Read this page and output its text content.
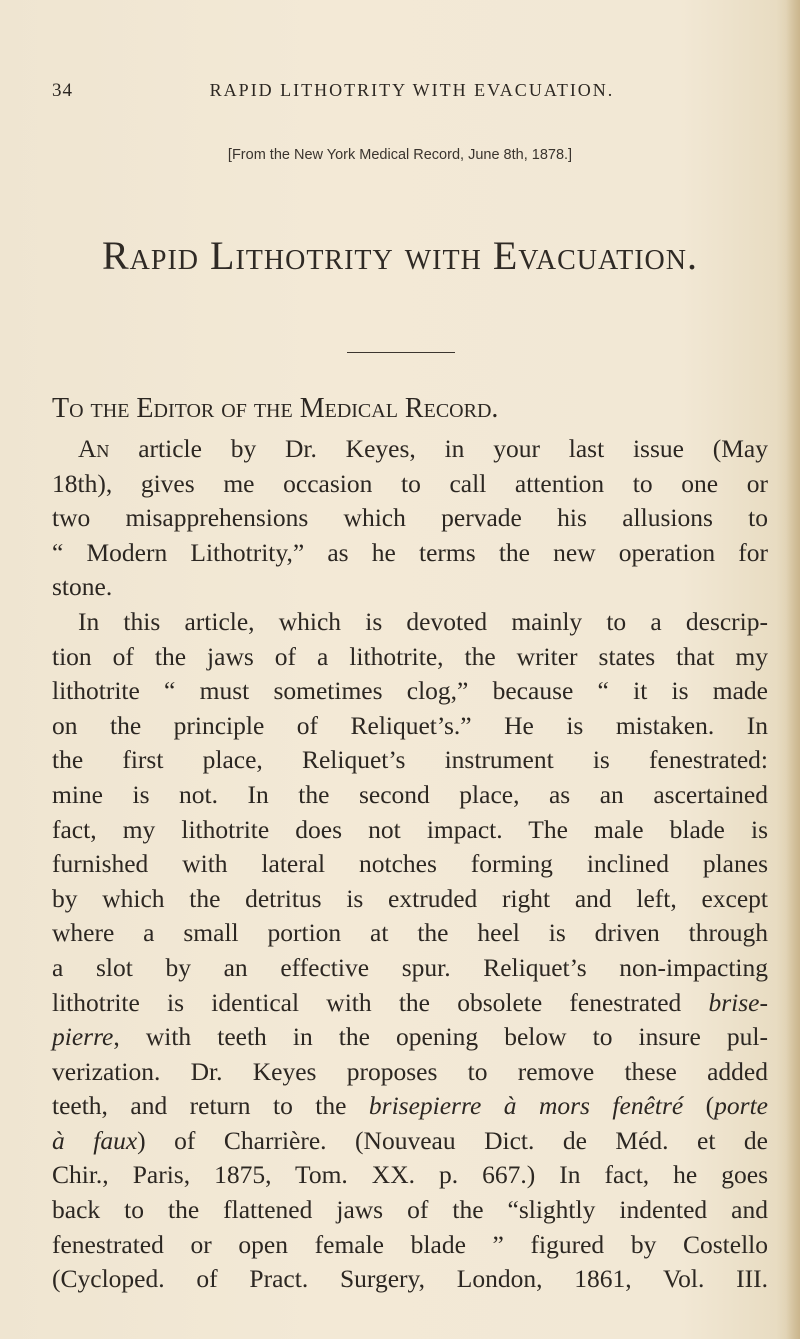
34	RAPID LITHOTRITY WITH EVACUATION.
[From the New York Medical Record, June 8th, 1878.]
Rapid Lithotrity with Evacuation.
To the Editor of the Medical Record.

An article by Dr. Keyes, in your last issue (May

18th), gives me occasion to call attention to one or
two misapprehensions which pervade his allusions to
“ Modern Lithotrity,” as he terms the new operation for
stone.

In this article, which is devoted mainly to a descrip-

tion of the jaws of a lithotrite, the writer states that my
lithotrite “ must sometimes clog,” because “ it is made
on the principle of Reliquet’s.” He is mistaken. In
the first place, Reliquet’s instrument is fenestrated:
mine is not. In the second place, as an ascertained
fact, my lithotrite does not impact. The male blade is
furnished with lateral notches forming inclined planes
by which the detritus is extruded right and left, except
where a small portion at the heel is driven through
a slot by an effective spur. Reliquet’s non-impacting
lithotrite is identical with the obsolete fenestrated brise-
pierre, with teeth in the opening below to insure pul-
verization. Dr. Keyes proposes to remove these added
teeth, and return to the brisepierre à mors fenêtré (porte
à faux) of Charrière. (Nouveau Dict. de Méd. et de
Chir., Paris, 1875, Tom. XX. p. 667.) In fact, he goes
back to the flattened jaws of the “slightly indented and
fenestrated or open female blade ” figured by Costello
(Cycloped. of Pract. Surgery, London, 1861, Vol. III.
